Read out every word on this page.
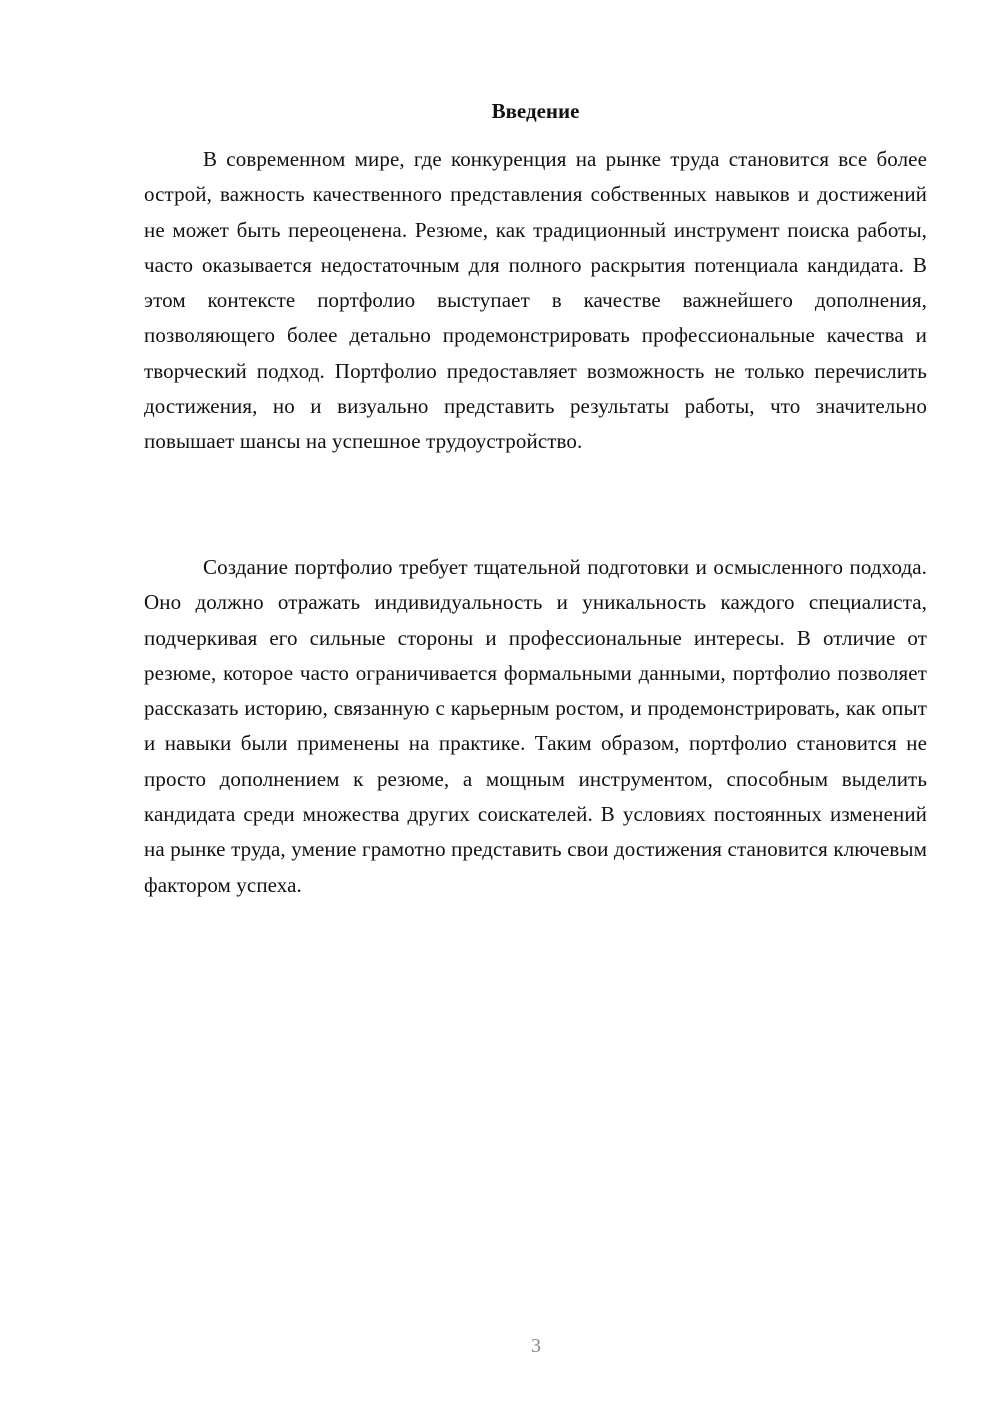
Введение

В современном мире, где конкуренция на рынке труда становится все более острой, важность качественного представления собственных навыков и достижений не может быть переоценена. Резюме, как традиционный инструмент поиска работы, часто оказывается недостаточным для полного раскрытия потенциала кандидата. В этом контексте портфолио выступает в качестве важнейшего дополнения, позволяющего более детально продемонстрировать профессиональные качества и творческий подход. Портфолио предоставляет возможность не только перечислить достижения, но и визуально представить результаты работы, что значительно повышает шансы на успешное трудоустройство.

Создание портфолио требует тщательной подготовки и осмысленного подхода. Оно должно отражать индивидуальность и уникальность каждого специалиста, подчеркивая его сильные стороны и профессиональные интересы. В отличие от резюме, которое часто ограничивается формальными данными, портфолио позволяет рассказать историю, связанную с карьерным ростом, и продемонстрировать, как опыт и навыки были применены на практике. Таким образом, портфолио становится не просто дополнением к резюме, а мощным инструментом, способным выделить кандидата среди множества других соискателей. В условиях постоянных изменений на рынке труда, умение грамотно представить свои достижения становится ключевым фактором успеха.

3
